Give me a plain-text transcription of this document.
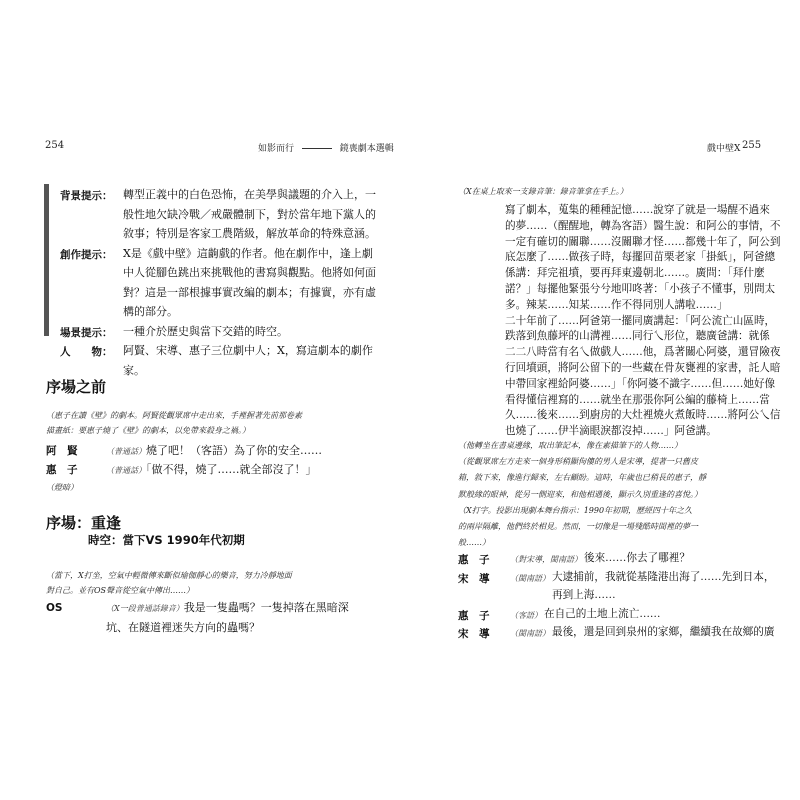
254	如影而行	鏡喪劇本選輯
背景提示： 轉型正義中的白色恐怖，在美學與議題的介入上，一
般性地欠缺冷戰／戒嚴體制下，對於當年地下黨人的
敘事；特別是客家工農階級，解放革命的特殊意涵。
創作提示： X是《戲中壁》這齣戲的作者。他在劇作中，逢上劇
中人從腳色跳出來挑戰他的書寫與觀點。他將如何面
對？這是一部根據事實改編的劇本；有據實，亦有虛
構的部分。
場景提示： 一種介於歷史與當下交錯的時空。
人　　物： 阿賢、宋導、惠子三位劇中人；X，寫這劇本的劇作
家。
序場之前
（惠子在讀《壁》的劇本。阿賢從觀眾席中走出來，手裡握著先前那卷素
描畫紙：要惠子燒了《壁》的劇本，以免帶來殺身之禍。）
阿　賢	（普通話）燒了吧！（客語）為了你的安全……
惠　子	（普通話）「做不得，燒了……就全部沒了！」
（燈暗）
序場：重逢
時空：當下VS 1990年代初期
（當下，X打坐，空氣中輕微傳來斷似瑜伽靜心的樂音，努力冷靜地面
對自己。並有OS聲音從空氣中傳出……）
OS	（X一段普通話錄音）我是一隻蟲嗎？一隻掉落在黑暗深
坑、在隧道裡迷失方向的蟲嗎？
戲中壁X 255
（X在桌上取來一支錄音筆：錄音筆拿在手上。）
寫了劇本，蒐集的種種記憶……說穿了就是一場醒不過來
的夢……（醒醒地，轉為客語）醫生說：和阿公的事情，不
一定有確切的關聯……沒關聯才怪……都幾十年了，阿公到
底怎麼了……做孩子時，每擺回苗栗老家「掛紙」，阿爸總
係講：拜完祖墳，要再拜東邊朝北……。廣問：「拜什麼
諾？」每擺他緊張兮兮地叩咚著：「小孩子不懂事，別問太
多。辣某……知某……作不得同別人講啦……」
二十年前了……阿爸第一擺同廣講起：「阿公流亡山區時，
跌落到魚藤坪的山溝裡……同行乀形位，聽廣爸講：就係
二二八時當有名乀做戲人……他，爲著關心阿婆，還冒險夜
行回墳頭，將阿公留下的一些藏在骨灰甕裡的家書，託人暗
中帶回家裡給阿婆……」「你阿婆不識字……但……她好像
看得懂信裡寫的……就坐在那張你阿公編的藤椅上……當
久……後來……到廚房的大灶裡燒火煮飯時……將阿公乀信
也燒了……伊半滴眼淚都沒掉……」阿爸講。
（他轉坐在書桌邊緣，取出筆記本，像在素描筆下的人物……）
（從觀眾席左方走來一個身形稍顯佝僂的男人是宋導，提著一只舊皮
箱，敘下來，像進行歸來，左右顧盼。這時，年歲也已稍長的惠子，靜
默般緣的眼神，從另一側迎來，和他相遇後，顯示久別重逢的喜悅。）
（X打字。投影出現劇本舞台指示：1990年初期，歷經四十年之久
的兩岸隔離，他們終於相見。然而，一切像是一場殘酷時間裡的夢一
般……）
惠　子	（對宋導，閩南語） 後來……你去了哪裡？
宋　導	（閩南語） 大逮捕前，我就從基隆港出海了……先到日本，
再到上海……
惠　子	（客語） 在自己的土地上流亡……
宋　導	（閩南語） 最後，還是回到泉州的家鄉，繼續我在故鄉的廣
